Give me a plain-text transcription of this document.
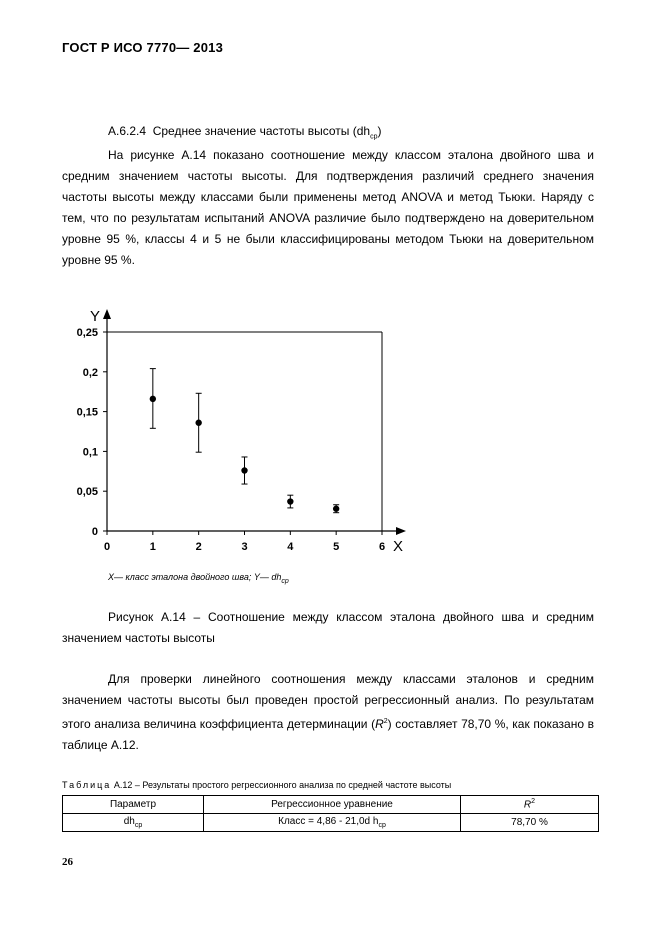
ГОСТ Р ИСО 7770— 2013
А.6.2.4 Среднее значение частоты высоты $(dh_{ср})$
На рисунке А.14 показано соотношение между классом эталона двойного шва и средним значением частоты высоты. Для подтверждения различий среднего значения частоты высоты между классами были применены метод ANOVA и метод Тьюки. Наряду с тем, что по результатам испытаний ANOVA различие было подтверждено на доверительном уровне 95 %, классы 4 и 5 не были классифицированы методом Тьюки на доверительном уровне 95 %.
Y
X
0
0,05
0,1
0,15
0,2
0,25
0	1	2	3	4	5	6
X— класс эталона двойного шва; Y— $dh_{ср}$
Рисунок А.14 – Соотношение между классом эталона двойного шва и средним значением частоты высоты
Для проверки линейного соотношения между классами эталонов и средним значением частоты высоты был проведен простой регрессионный анализ. По результатам этого анализа величина коэффициента детерминации $(R^2)$ составляет 78,70 %, как показано в таблице А.12.
Таблица А.12 – Результаты простого регрессионного анализа по средней частоте высоты
Параметр	Регрессионное уравнение	$R^2$
$dh_{ср}$	Класс = 4,86 - 21,0d $h_{ср}$	78,70 %
26
